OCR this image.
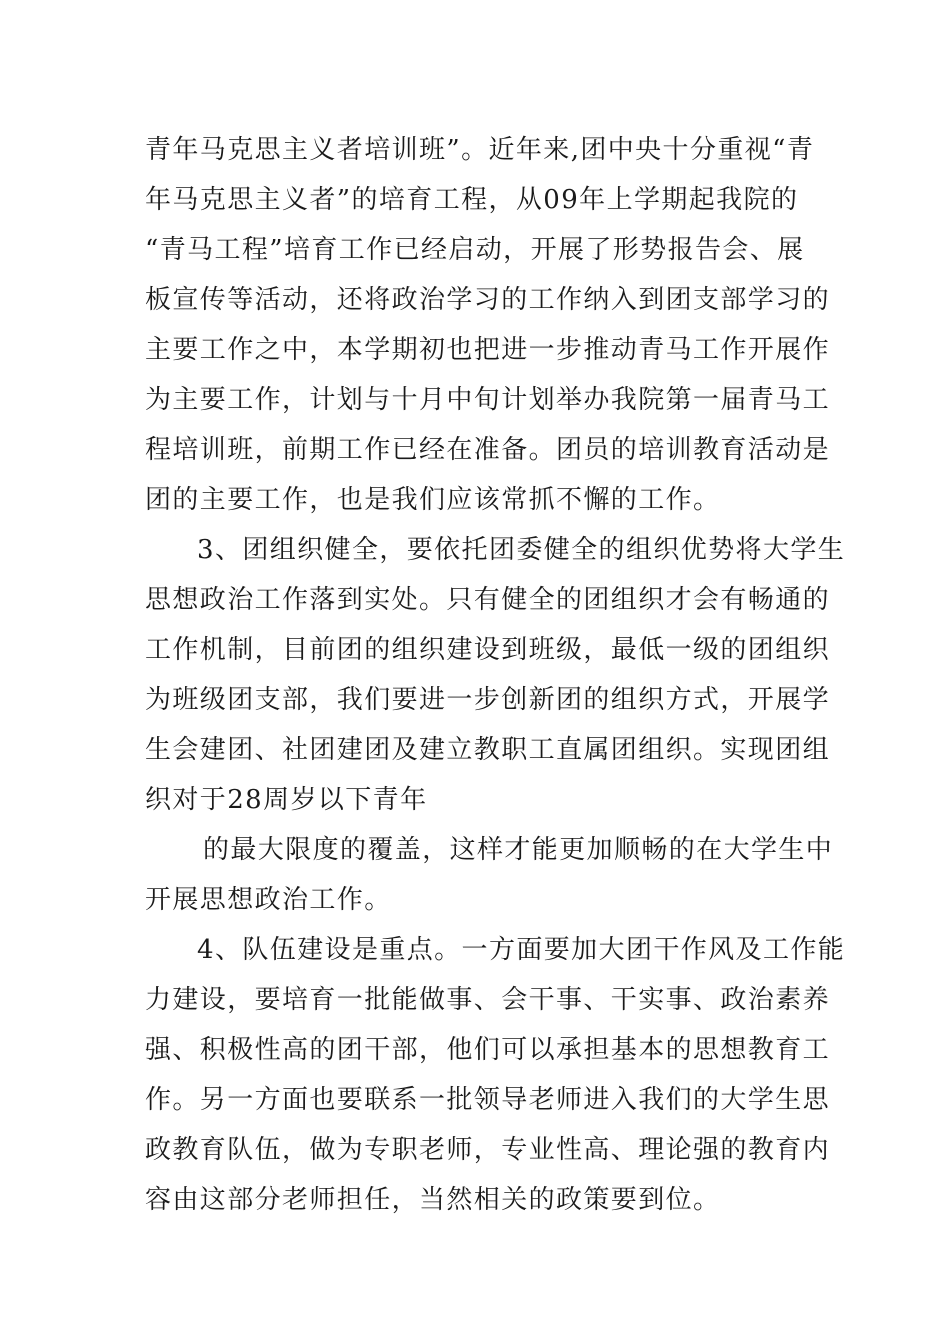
青年马克思主义者培训班”。近年来,团中央十分重视“青
年马克思主义者”的培育工程，从09年上学期起我院的
“青马工程”培育工作已经启动，开展了形势报告会、展
板宣传等活动，还将政治学习的工作纳入到团支部学习的
主要工作之中，本学期初也把进一步推动青马工作开展作
为主要工作，计划与十月中旬计划举办我院第一届青马工
程培训班，前期工作已经在准备。团员的培训教育活动是
团的主要工作，也是我们应该常抓不懈的工作。
3、团组织健全，要依托团委健全的组织优势将大学生
思想政治工作落到实处。只有健全的团组织才会有畅通的
工作机制，目前团的组织建设到班级，最低一级的团组织
为班级团支部，我们要进一步创新团的组织方式，开展学
生会建团、社团建团及建立教职工直属团组织。实现团组
织对于28周岁以下青年
的最大限度的覆盖，这样才能更加顺畅的在大学生中
开展思想政治工作。
4、队伍建设是重点。一方面要加大团干作风及工作能
力建设，要培育一批能做事、会干事、干实事、政治素养
强、积极性高的团干部，他们可以承担基本的思想教育工
作。另一方面也要联系一批领导老师进入我们的大学生思
政教育队伍，做为专职老师，专业性高、理论强的教育内
容由这部分老师担任，当然相关的政策要到位。
